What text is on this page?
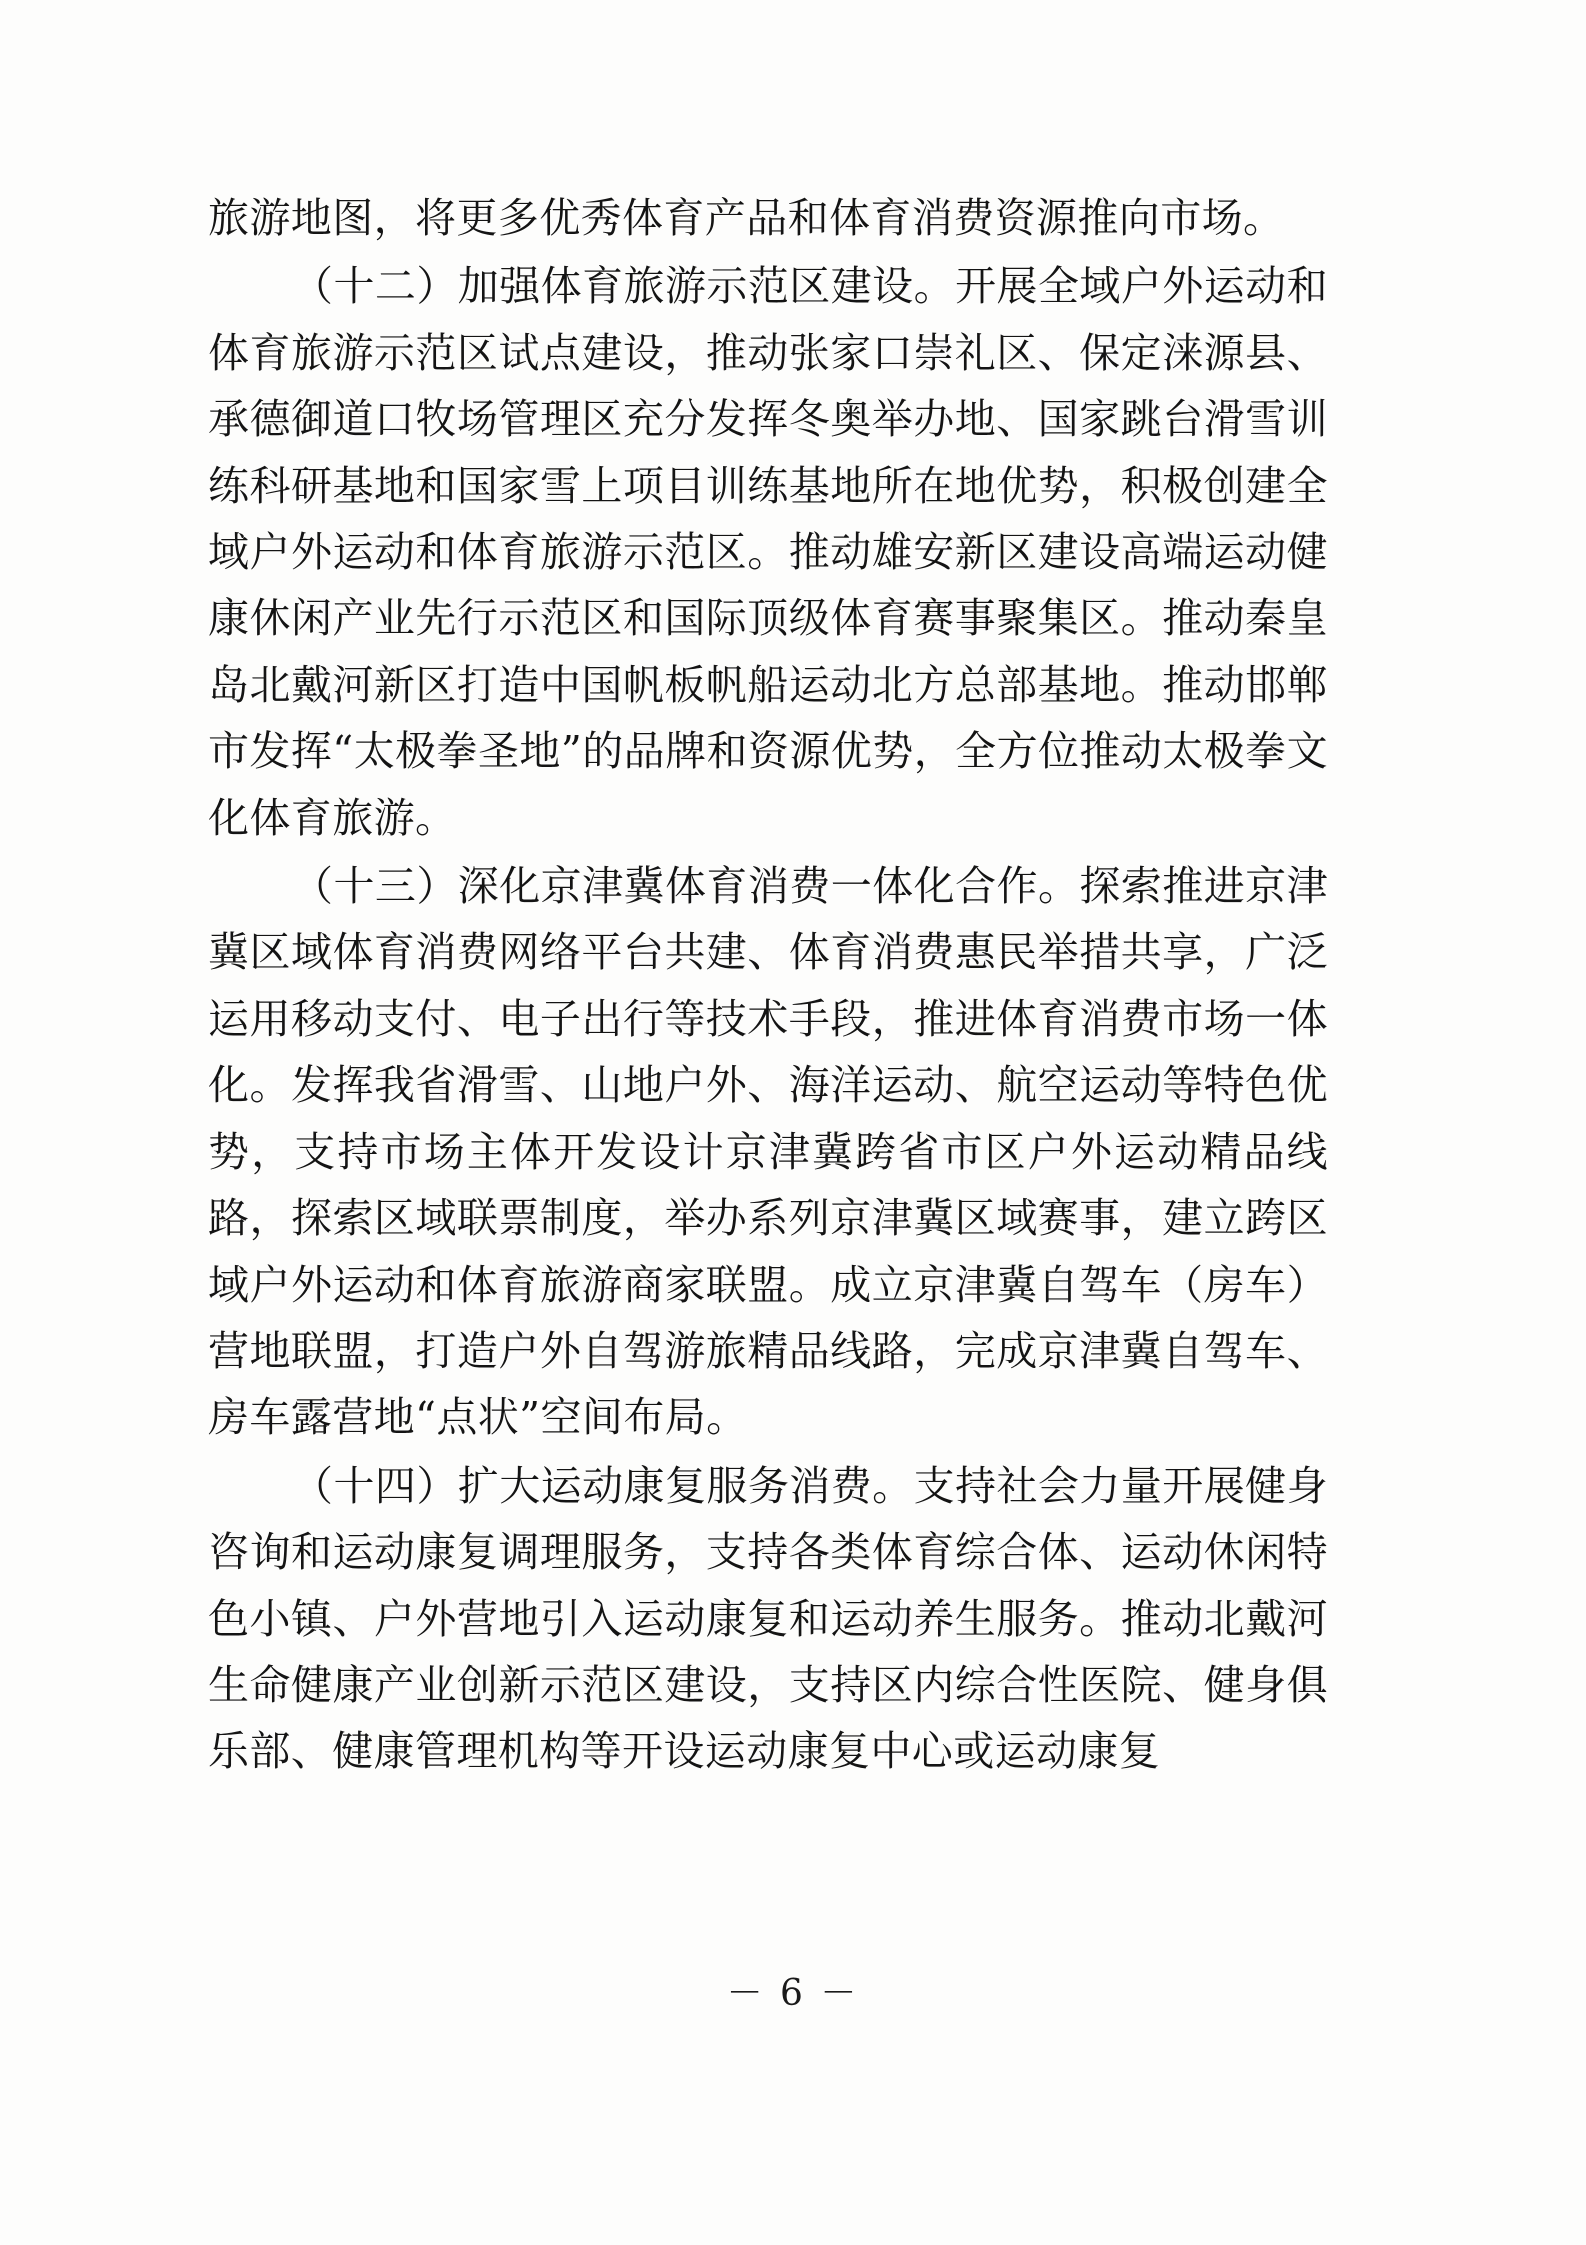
旅游地图，将更多优秀体育产品和体育消费资源推向市场。

（十二）加强体育旅游示范区建设。开展全域户外运动和体育旅游示范区试点建设，推动张家口崇礼区、保定涞源县、承德御道口牧场管理区充分发挥冬奥举办地、国家跳台滑雪训练科研基地和国家雪上项目训练基地所在地优势，积极创建全域户外运动和体育旅游示范区。推动雄安新区建设高端运动健康休闲产业先行示范区和国际顶级体育赛事聚集区。推动秦皇岛北戴河新区打造中国帆板帆船运动北方总部基地。推动邯郸市发挥“太极拳圣地”的品牌和资源优势，全方位推动太极拳文化体育旅游。

（十三）深化京津冀体育消费一体化合作。探索推进京津冀区域体育消费网络平台共建、体育消费惠民举措共享，广泛运用移动支付、电子出行等技术手段，推进体育消费市场一体化。发挥我省滑雪、山地户外、海洋运动、航空运动等特色优势，支持市场主体开发设计京津冀跨省市区户外运动精品线路，探索区域联票制度，举办系列京津冀区域赛事，建立跨区域户外运动和体育旅游商家联盟。成立京津冀自驾车（房车）营地联盟，打造户外自驾游旅精品线路，完成京津冀自驾车、房车露营地“点状”空间布局。

（十四）扩大运动康复服务消费。支持社会力量开展健身咨询和运动康复调理服务，支持各类体育综合体、运动休闲特色小镇、户外营地引入运动康复和运动养生服务。推动北戴河生命健康产业创新示范区建设，支持区内综合性医院、健身俱乐部、健康管理机构等开设运动康复中心或运动康复

－ 6 －
